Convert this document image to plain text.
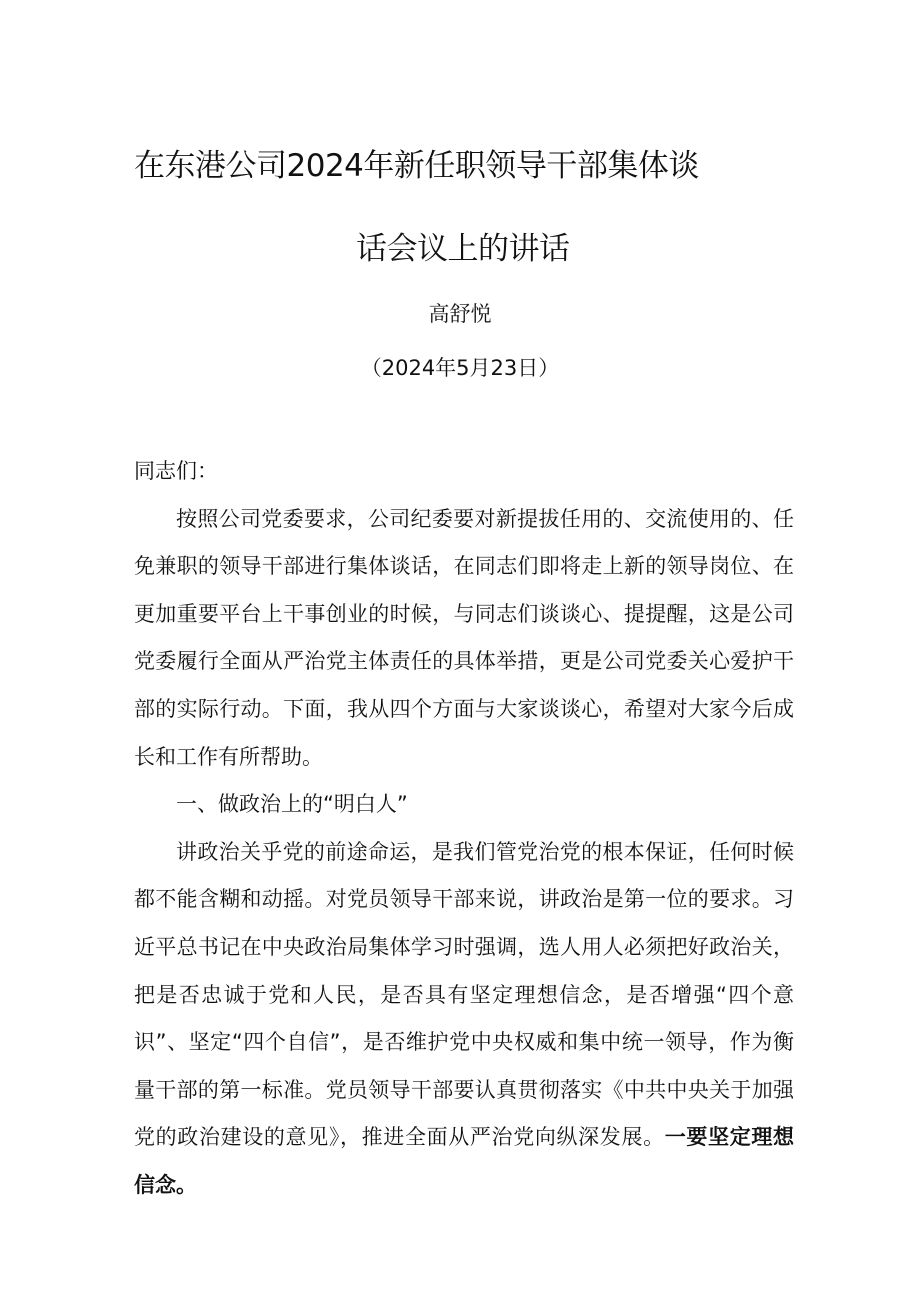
在东港公司2024年新任职领导干部集体谈
话会议上的讲话
高舒悦
（2024年5月23日）

同志们：

按照公司党委要求，公司纪委要对新提拔任用的、交流使用的、任免兼职的领导干部进行集体谈话，在同志们即将走上新的领导岗位、在更加重要平台上干事创业的时候，与同志们谈谈心、提提醒，这是公司党委履行全面从严治党主体责任的具体举措，更是公司党委关心爱护干部的实际行动。下面，我从四个方面与大家谈谈心，希望对大家今后成长和工作有所帮助。

一、做政治上的“明白人”

讲政治关乎党的前途命运，是我们管党治党的根本保证，任何时候都不能含糊和动摇。对党员领导干部来说，讲政治是第一位的要求。习近平总书记在中央政治局集体学习时强调，选人用人必须把好政治关，把是否忠诚于党和人民，是否具有坚定理想信念，是否增强“四个意识”、坚定“四个自信”，是否维护党中央权威和集中统一领导，作为衡量干部的第一标准。党员领导干部要认真贯彻落实《中共中央关于加强党的政治建设的意见》，推进全面从严治党向纵深发展。一要坚定理想信念。
